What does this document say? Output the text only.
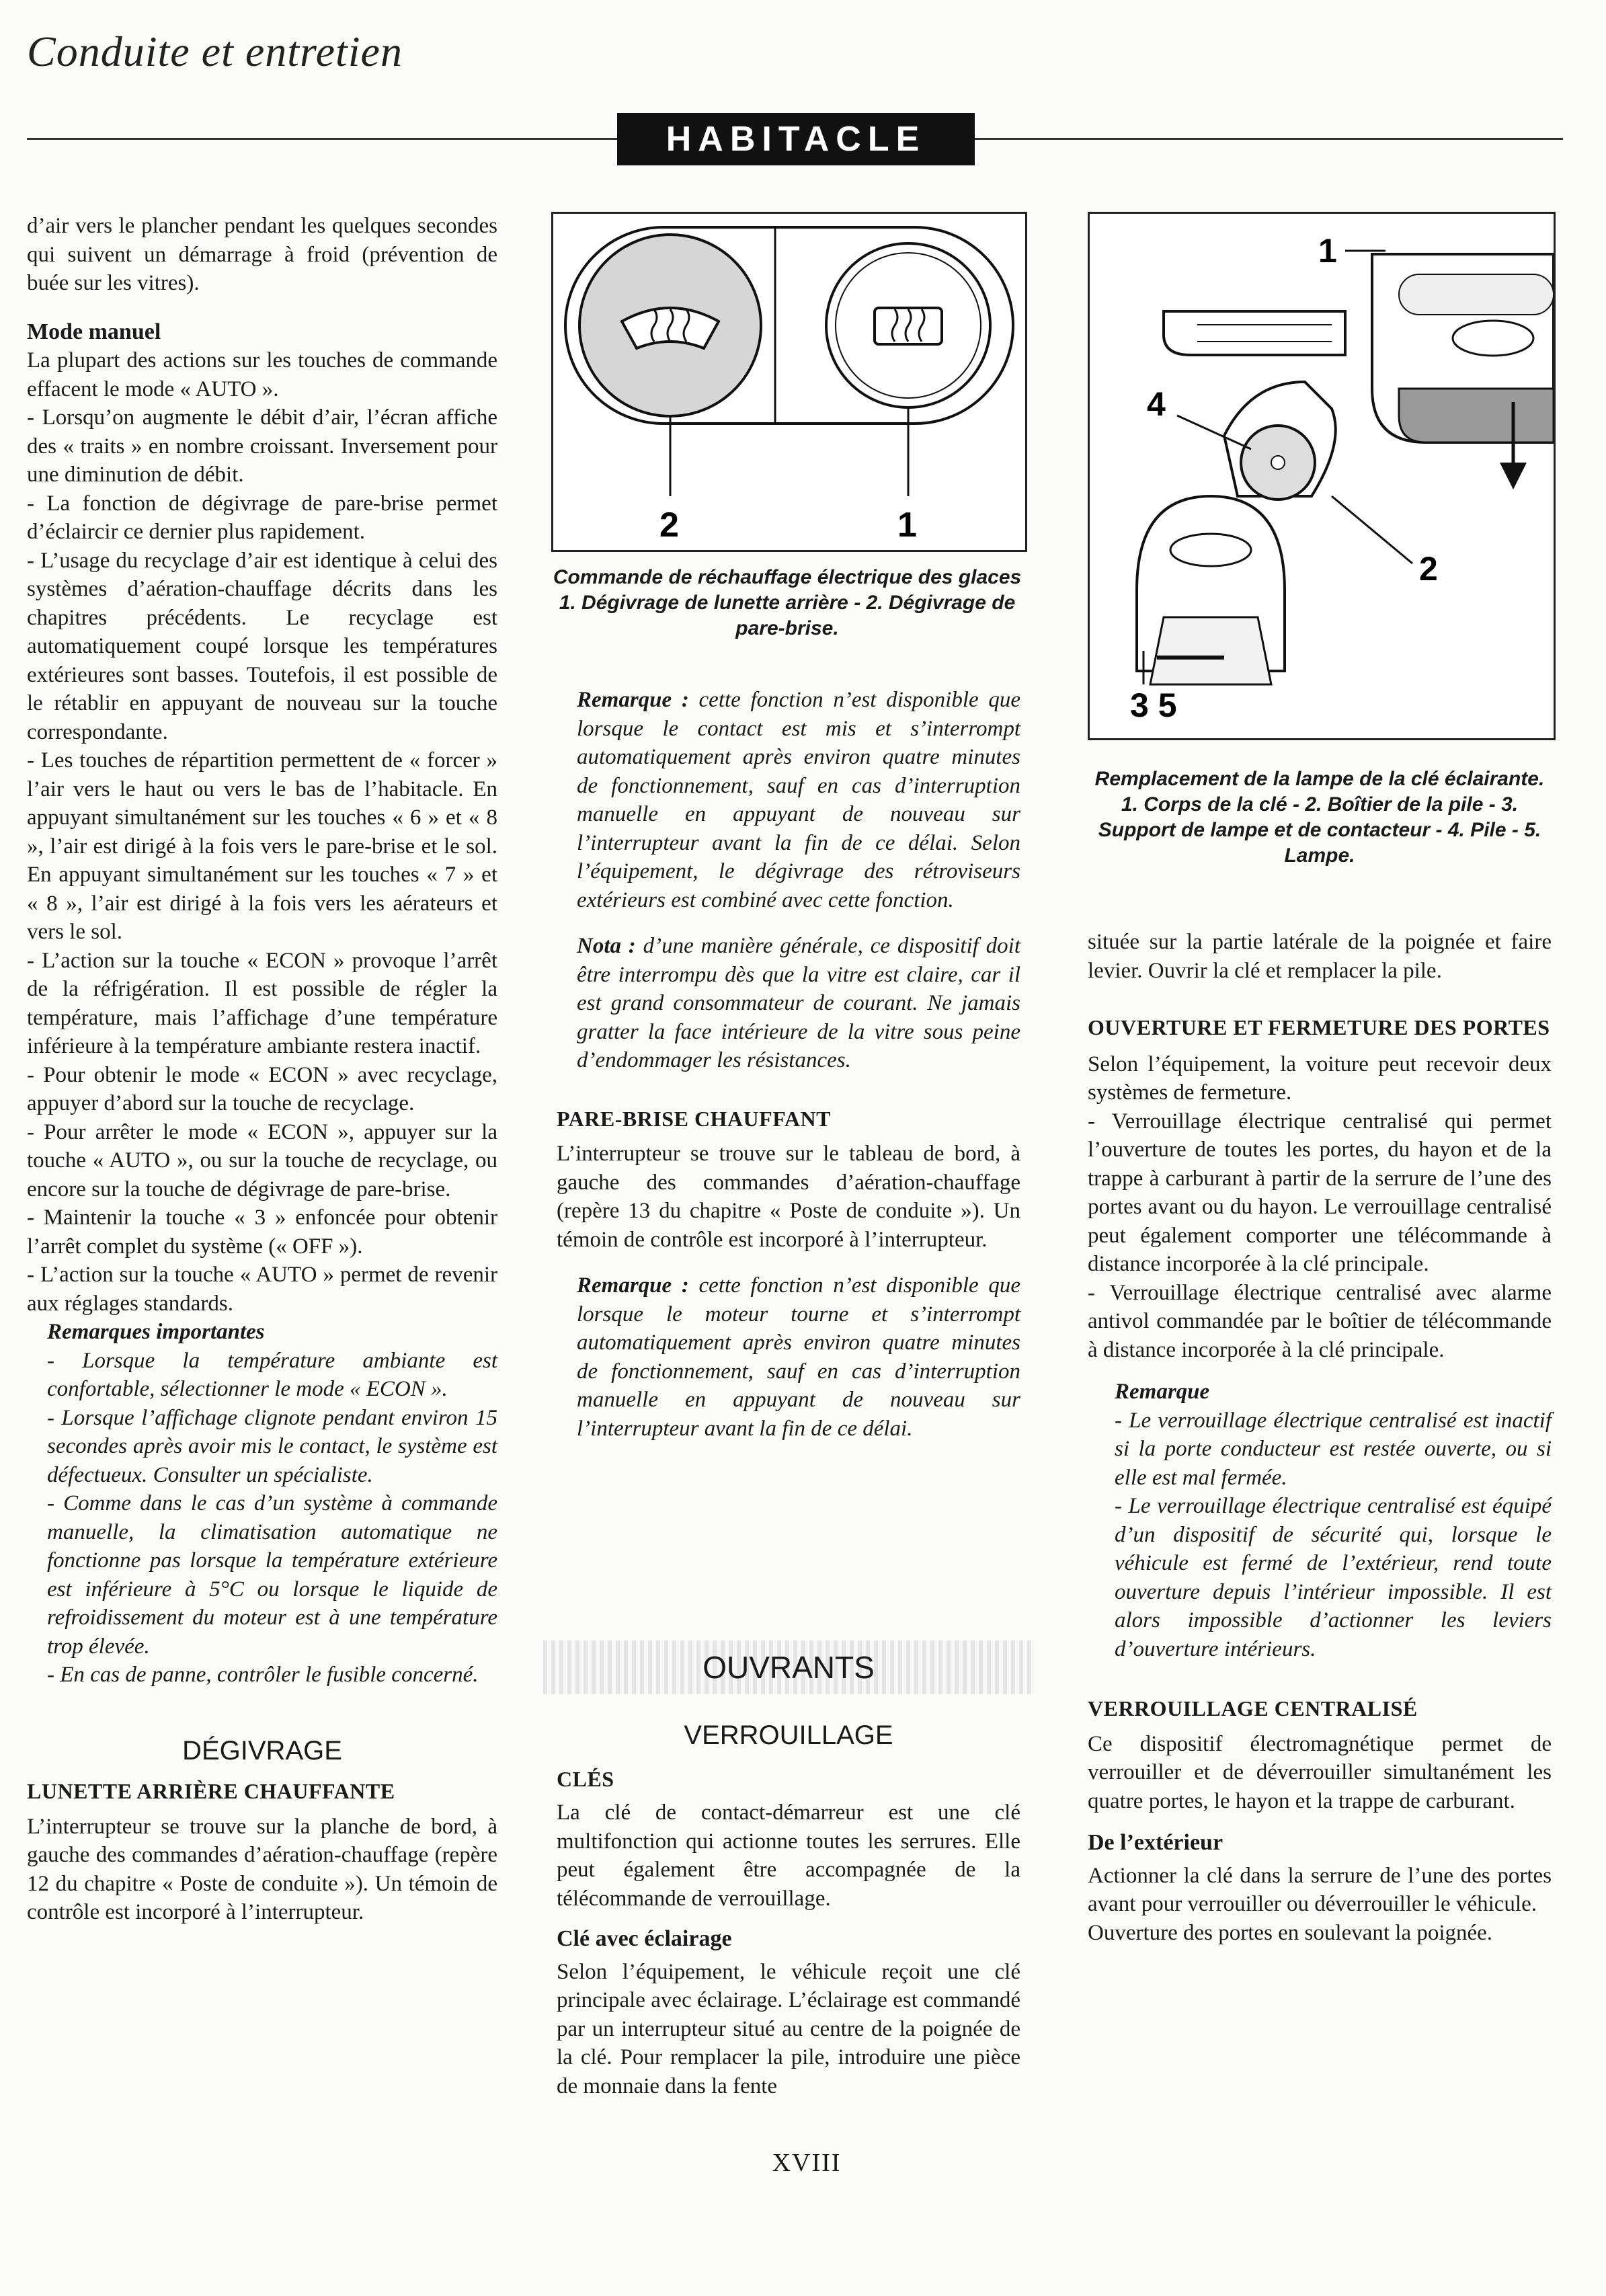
Conduite et entretien
HABITACLE

d’air vers le plancher pendant les quelques secondes qui suivent un démarrage à froid (prévention de buée sur les vitres).

Mode manuel

La plupart des actions sur les touches de commande effacent le mode « AUTO ».

- Lorsqu’on augmente le débit d’air, l’écran affiche des « traits » en nombre croissant. Inversement pour une diminution de débit.

- La fonction de dégivrage de pare-brise permet d’éclaircir ce dernier plus rapidement.

- L’usage du recyclage d’air est identique à celui des systèmes d’aération-chauffage décrits dans les chapitres précédents. Le recyclage est automatiquement coupé lorsque les températures extérieures sont basses. Toutefois, il est possible de le rétablir en appuyant de nouveau sur la touche correspondante.

- Les touches de répartition permettent de « forcer » l’air vers le haut ou vers le bas de l’habitacle. En appuyant simultanément sur les touches « 6 » et « 8 », l’air est dirigé à la fois vers le pare-brise et le sol. En appuyant simultanément sur les touches « 7 » et « 8 », l’air est dirigé à la fois vers les aérateurs et vers le sol.

- L’action sur la touche « ECON » provoque l’arrêt de la réfrigération. Il est possible de régler la température, mais l’affichage d’une température inférieure à la température ambiante restera inactif.

- Pour obtenir le mode « ECON » avec recyclage, appuyer d’abord sur la touche de recyclage.

- Pour arrêter le mode « ECON », appuyer sur la touche « AUTO », ou sur la touche de recyclage, ou encore sur la touche de dégivrage de pare-brise.

- Maintenir la touche « 3 » enfoncée pour obtenir l’arrêt complet du système (« OFF »).

- L’action sur la touche « AUTO » permet de revenir aux réglages standards.

Remarques importantes

- Lorsque la température ambiante est confortable, sélectionner le mode « ECON ».

- Lorsque l’affichage clignote pendant environ 15 secondes après avoir mis le contact, le système est défectueux. Consulter un spécialiste.

- Comme dans le cas d’un système à commande manuelle, la climatisation automatique ne fonctionne pas lorsque la température extérieure est inférieure à 5°C ou lorsque le liquide de refroidissement du moteur est à une température trop élevée.

- En cas de panne, contrôler le fusible concerné.

DÉGIVRAGE

LUNETTE ARRIÈRE CHAUFFANTE

L’interrupteur se trouve sur la planche de bord, à gauche des commandes d’aération-chauffage (repère 12 du chapitre « Poste de conduite »). Un témoin de contrôle est incorporé à l’interrupteur.

2	1
Commande de réchauffage électrique des glaces 1. Dégivrage de lunette arrière - 2. Dégivrage de pare-brise.

Remarque : cette fonction n’est disponible que lorsque le contact est mis et s’interrompt automatiquement après environ quatre minutes de fonctionnement, sauf en cas d’interruption manuelle en appuyant de nouveau sur l’interrupteur avant la fin de ce délai. Selon l’équipement, le dégivrage des rétroviseurs extérieurs est combiné avec cette fonction.

Nota : d’une manière générale, ce dispositif doit être interrompu dès que la vitre est claire, car il est grand consommateur de courant. Ne jamais gratter la face intérieure de la vitre sous peine d’endommager les résistances.

PARE-BRISE CHAUFFANT

L’interrupteur se trouve sur le tableau de bord, à gauche des commandes d’aération-chauffage (repère 13 du chapitre « Poste de conduite »). Un témoin de contrôle est incorporé à l’interrupteur.

Remarque : cette fonction n’est disponible que lorsque le moteur tourne et s’interrompt automatiquement après environ quatre minutes de fonctionnement, sauf en cas d’interruption manuelle en appuyant de nouveau sur l’interrupteur avant la fin de ce délai.

OUVRANTS

VERROUILLAGE

CLÉS

La clé de contact-démarreur est une clé multifonction qui actionne toutes les serrures. Elle peut également être accompagnée de la télécommande de verrouillage.

Clé avec éclairage

Selon l’équipement, le véhicule reçoit une clé principale avec éclairage. L’éclairage est commandé par un interrupteur situé au centre de la poignée de la clé. Pour remplacer la pile, introduire une pièce de monnaie dans la fente

1
4
2
3 5
Remplacement de la lampe de la clé éclairante. 1. Corps de la clé - 2. Boîtier de la pile - 3. Support de lampe et de contacteur - 4. Pile - 5. Lampe.

située sur la partie latérale de la poignée et faire levier. Ouvrir la clé et remplacer la pile.

OUVERTURE ET FERMETURE DES PORTES

Selon l’équipement, la voiture peut recevoir deux systèmes de fermeture.

- Verrouillage électrique centralisé qui permet l’ouverture de toutes les portes, du hayon et de la trappe à carburant à partir de la serrure de l’une des portes avant ou du hayon. Le verrouillage centralisé peut également comporter une télécommande à distance incorporée à la clé principale.

- Verrouillage électrique centralisé avec alarme antivol commandée par le boîtier de télécommande à distance incorporée à la clé principale.

Remarque

- Le verrouillage électrique centralisé est inactif si la porte conducteur est restée ouverte, ou si elle est mal fermée.

- Le verrouillage électrique centralisé est équipé d’un dispositif de sécurité qui, lorsque le véhicule est fermé de l’extérieur, rend toute ouverture depuis l’intérieur impossible. Il est alors impossible d’actionner les leviers d’ouverture intérieurs.

VERROUILLAGE CENTRALISÉ

Ce dispositif électromagnétique permet de verrouiller et de déverrouiller simultanément les quatre portes, le hayon et la trappe de carburant.

De l’extérieur

Actionner la clé dans la serrure de l’une des portes avant pour verrouiller ou déverrouiller le véhicule.

Ouverture des portes en soulevant la poignée.

XVIII
